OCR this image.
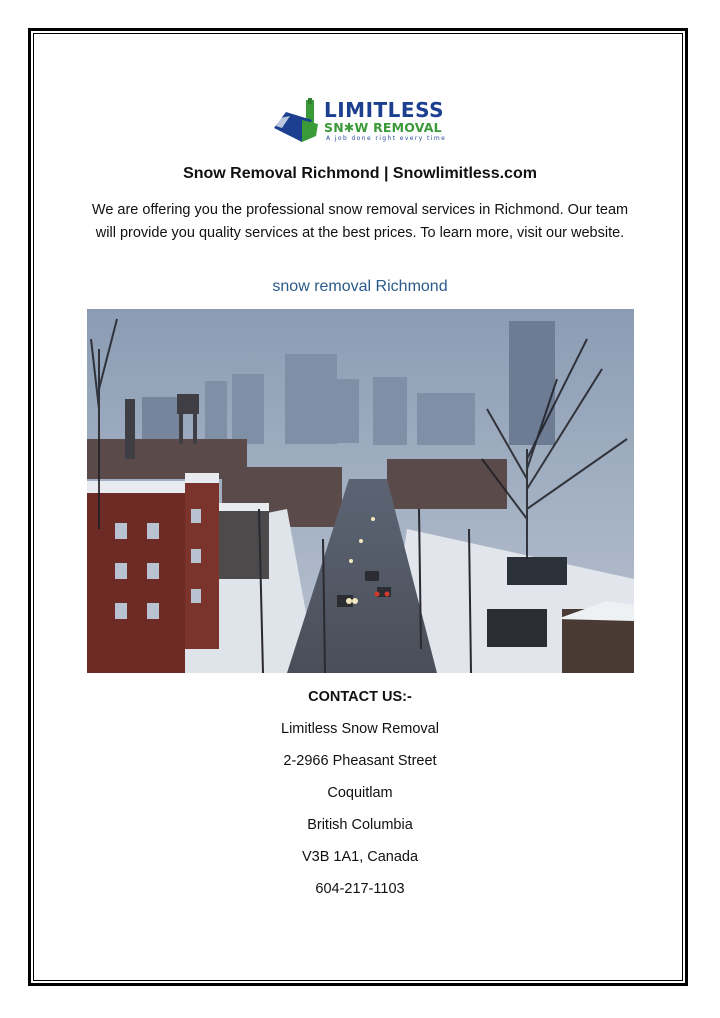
LIMITLESS
SN✱W REMOVAL
A job done right every time
Snow Removal Richmond | Snowlimitless.com
We are offering you the professional snow removal services in Richmond. Our team will provide you quality services at the best prices. To learn more, visit our website.
snow removal Richmond
CONTACT US:-
Limitless Snow Removal
2-2966 Pheasant Street
Coquitlam
British Columbia
V3B 1A1, Canada
604-217-1103
